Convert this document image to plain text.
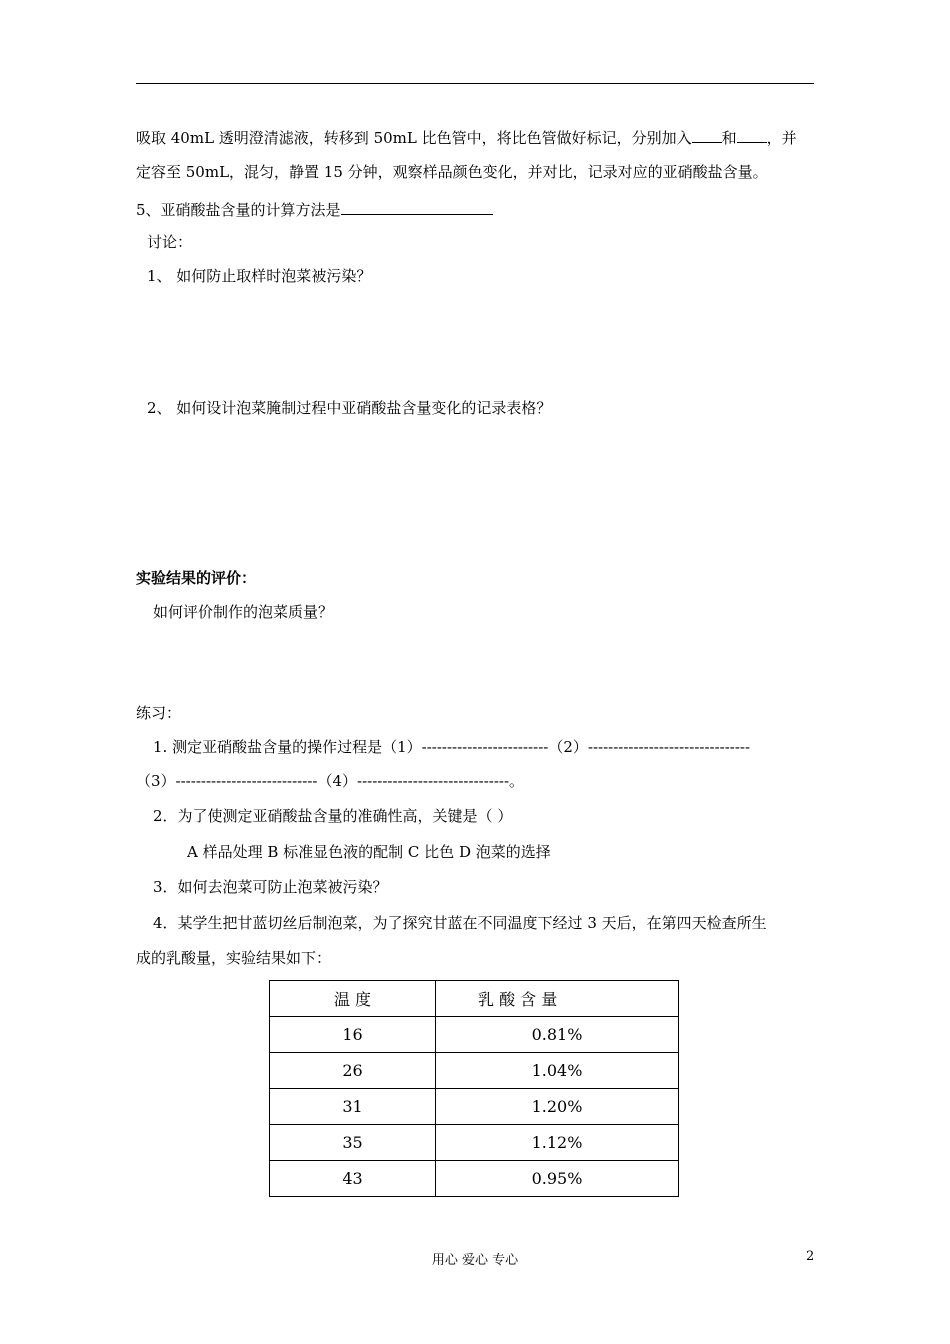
吸取 40mL 透明澄清滤液，转移到 50mL 比色管中，将比色管做好标记，分别加入 和 ，并
定容至 50mL，混匀，静置 15 分钟，观察样品颜色变化，并对比，记录对应的亚硝酸盐含量。
5、亚硝酸盐含量的计算方法是
讨论：
1、 如何防止取样时泡菜被污染？
2、 如何设计泡菜腌制过程中亚硝酸盐含量变化的记录表格？
实验结果的评价：
如何评价制作的泡菜质量？
练习：
1. 测定亚硝酸盐含量的操作过程是（1）-------------------------（2）--------------------------------
（3）----------------------------（4）------------------------------。
2．为了使测定亚硝酸盐含量的准确性高，关键是（ ）
A 样品处理 B 标准显色液的配制 C 比色 D 泡菜的选择
3．如何去泡菜可防止泡菜被污染？
4．某学生把甘蓝切丝后制泡菜，为了探究甘蓝在不同温度下经过 3 天后，在第四天检查所生
成的乳酸量，实验结果如下：
温 度	乳 酸 含 量
16	0.81%
26	1.04%
31	1.20%
35	1.12%
43	0.95%
用心 爱心 专心	2
